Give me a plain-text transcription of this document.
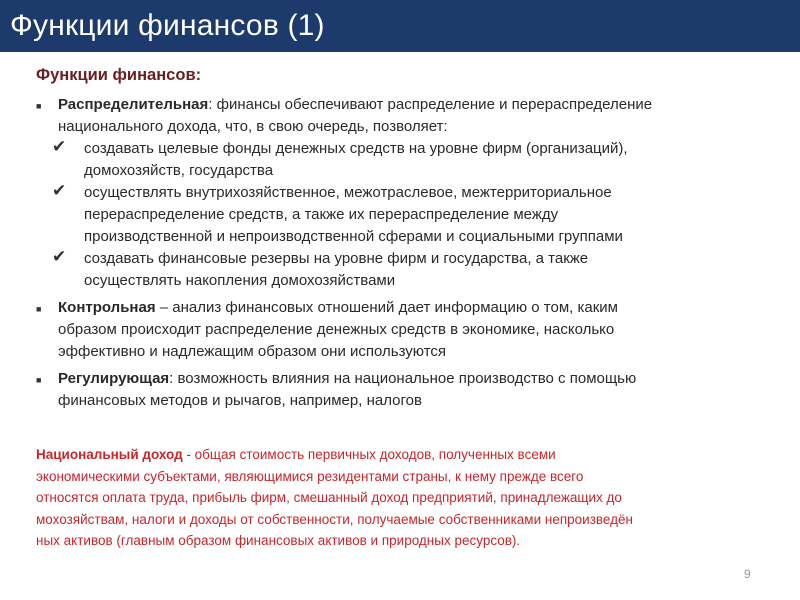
Функции финансов (1)
Функции финансов:
■ Распределительная: финансы обеспечивают распределение и перераспределение
национального дохода, что, в свою очередь, позволяет:
✔ создавать целевые фонды денежных средств на уровне фирм (организаций),
домохозяйств, государства
✔ осуществлять внутрихозяйственное, межотраслевое, межтерриториальное
перераспределение средств, а также их перераспределение между
производственной и непроизводственной сферами и социальными группами
✔ создавать финансовые резервы на уровне фирм и государства, а также
осуществлять накопления домохозяйствами
■ Контрольная – анализ финансовых отношений дает информацию о том, каким
образом происходит распределение денежных средств в экономике, насколько
эффективно и надлежащим образом они используются
■ Регулирующая: возможность влияния на национальное производство с помощью
финансовых методов и рычагов, например, налогов
Национальный доход - общая стоимость первичных доходов, полученных всеми
экономическими субъектами, являющимися резидентами страны, к нему прежде всего
относятся оплата труда, прибыль фирм, смешанный доход предприятий, принадлежащих до
мохозяйствам, налоги и доходы от собственности, получаемые собственниками непроизведён
ных активов (главным образом финансовых активов и природных ресурсов).
9
